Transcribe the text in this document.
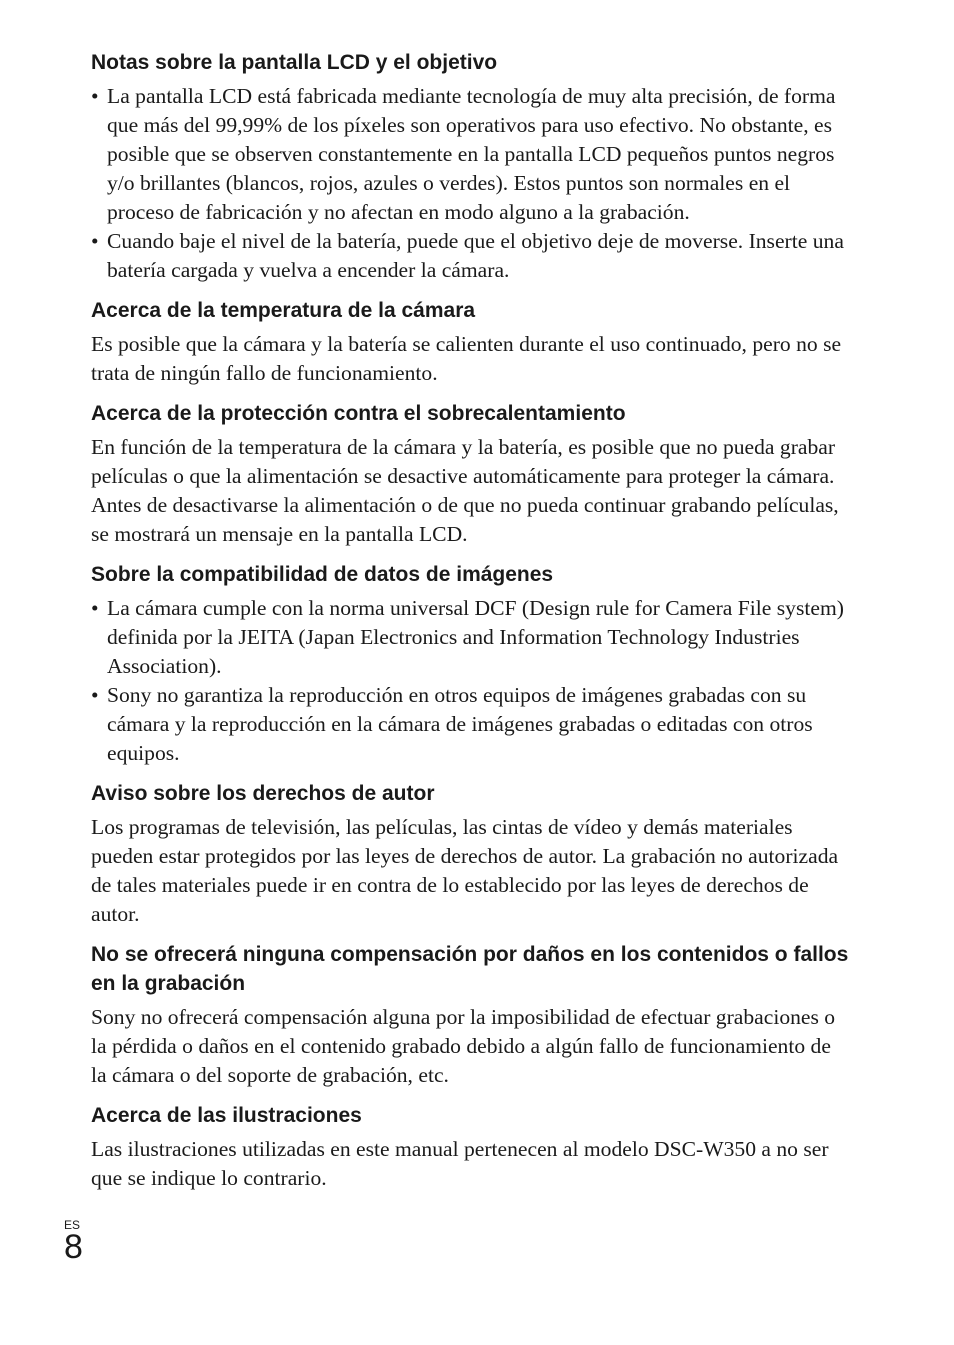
Notas sobre la pantalla LCD y el objetivo
• La pantalla LCD está fabricada mediante tecnología de muy alta precisión, de forma que más del 99,99% de los píxeles son operativos para uso efectivo. No obstante, es posible que se observen constantemente en la pantalla LCD pequeños puntos negros y/o brillantes (blancos, rojos, azules o verdes). Estos puntos son normales en el proceso de fabricación y no afectan en modo alguno a la grabación.
• Cuando baje el nivel de la batería, puede que el objetivo deje de moverse. Inserte una batería cargada y vuelva a encender la cámara.
Acerca de la temperatura de la cámara

Es posible que la cámara y la batería se calienten durante el uso continuado, pero no se trata de ningún fallo de funcionamiento.

Acerca de la protección contra el sobrecalentamiento

En función de la temperatura de la cámara y la batería, es posible que no pueda grabar películas o que la alimentación se desactive automáticamente para proteger la cámara.

Antes de desactivarse la alimentación o de que no pueda continuar grabando películas, se mostrará un mensaje en la pantalla LCD.

Sobre la compatibilidad de datos de imágenes
• La cámara cumple con la norma universal DCF (Design rule for Camera File system) definida por la JEITA (Japan Electronics and Information Technology Industries Association).
• Sony no garantiza la reproducción en otros equipos de imágenes grabadas con su cámara y la reproducción en la cámara de imágenes grabadas o editadas con otros equipos.
Aviso sobre los derechos de autor

Los programas de televisión, las películas, las cintas de vídeo y demás materiales pueden estar protegidos por las leyes de derechos de autor. La grabación no autorizada de tales materiales puede ir en contra de lo establecido por las leyes de derechos de autor.

No se ofrecerá ninguna compensación por daños en los contenidos o fallos en la grabación

Sony no ofrecerá compensación alguna por la imposibilidad de efectuar grabaciones o la pérdida o daños en el contenido grabado debido a algún fallo de funcionamiento de la cámara o del soporte de grabación, etc.

Acerca de las ilustraciones

Las ilustraciones utilizadas en este manual pertenecen al modelo DSC-W350 a no ser que se indique lo contrario.

ES
8
